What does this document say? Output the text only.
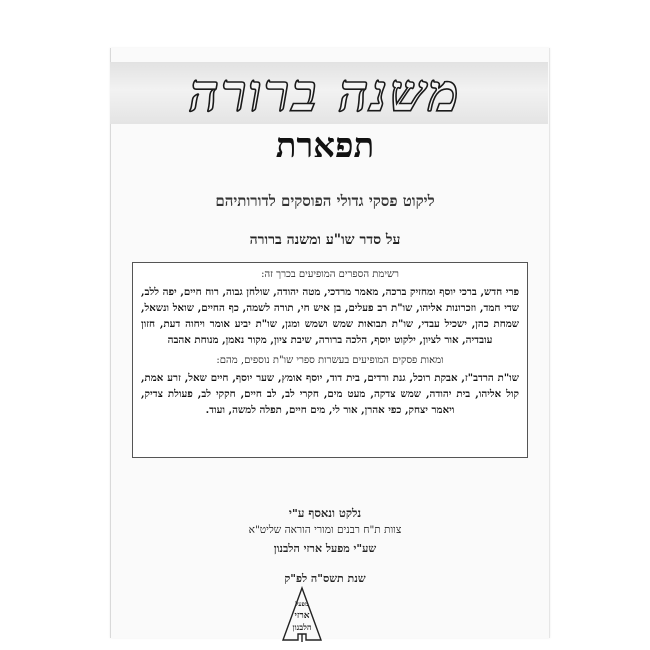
משנה ברורה
תפארת
ליקוט פסקי גדולי הפוסקים לדורותיהם
על סדר שו"ע ומשנה ברורה
רשימת הספרים המופיעים בכרך זה:
פרי חדש, ברכי יוסף ומחזיק ברכה, מאמר מרדכי, מטה יהודה, שולחן גבוה, רוח חיים, יפה ללב, שדי חמד, וזכרונות אליהו, שו"ת רב פעלים, בן איש חי, תורה לשמה, כף החיים, שואל ונשאל, שמחת כהן, ישכיל עבדי, שו"ת תבואות שמש ושמש ומגן, שו"ת יביע אומר ויחוה דעת, חזון עובדיה, אור לציון, ילקוט יוסף, הלכה ברורה, שיבת ציון, מקור נאמן, מנוחת אהבה
ומאות פסקים המופיעים בעשרות ספרי שו"ת נוספים, מהם:
שו"ת הרדב"ז, אבקת רוכל, גנת ורדים, בית דוד, יוסף אומץ, שער יוסף, חיים שאל, זרע אמת, קול אליהו, בית יהודה, שמש צדקה, מעט מים, חקרי לב, לב חיים, חקקי לב, פעולת צדיק, ויאמר יצחק, כפי אהרן, אור לי, מים חיים, תפלה למשה, ועוד.
נלקט ונאסף ע"י
צוות ת"ח רבנים ומורי הוראה שליט"א
שע"י מפעל ארזי הלבנון
שנת תשס"ה לפ"ק
מפעל
ארזי
הלבנון
